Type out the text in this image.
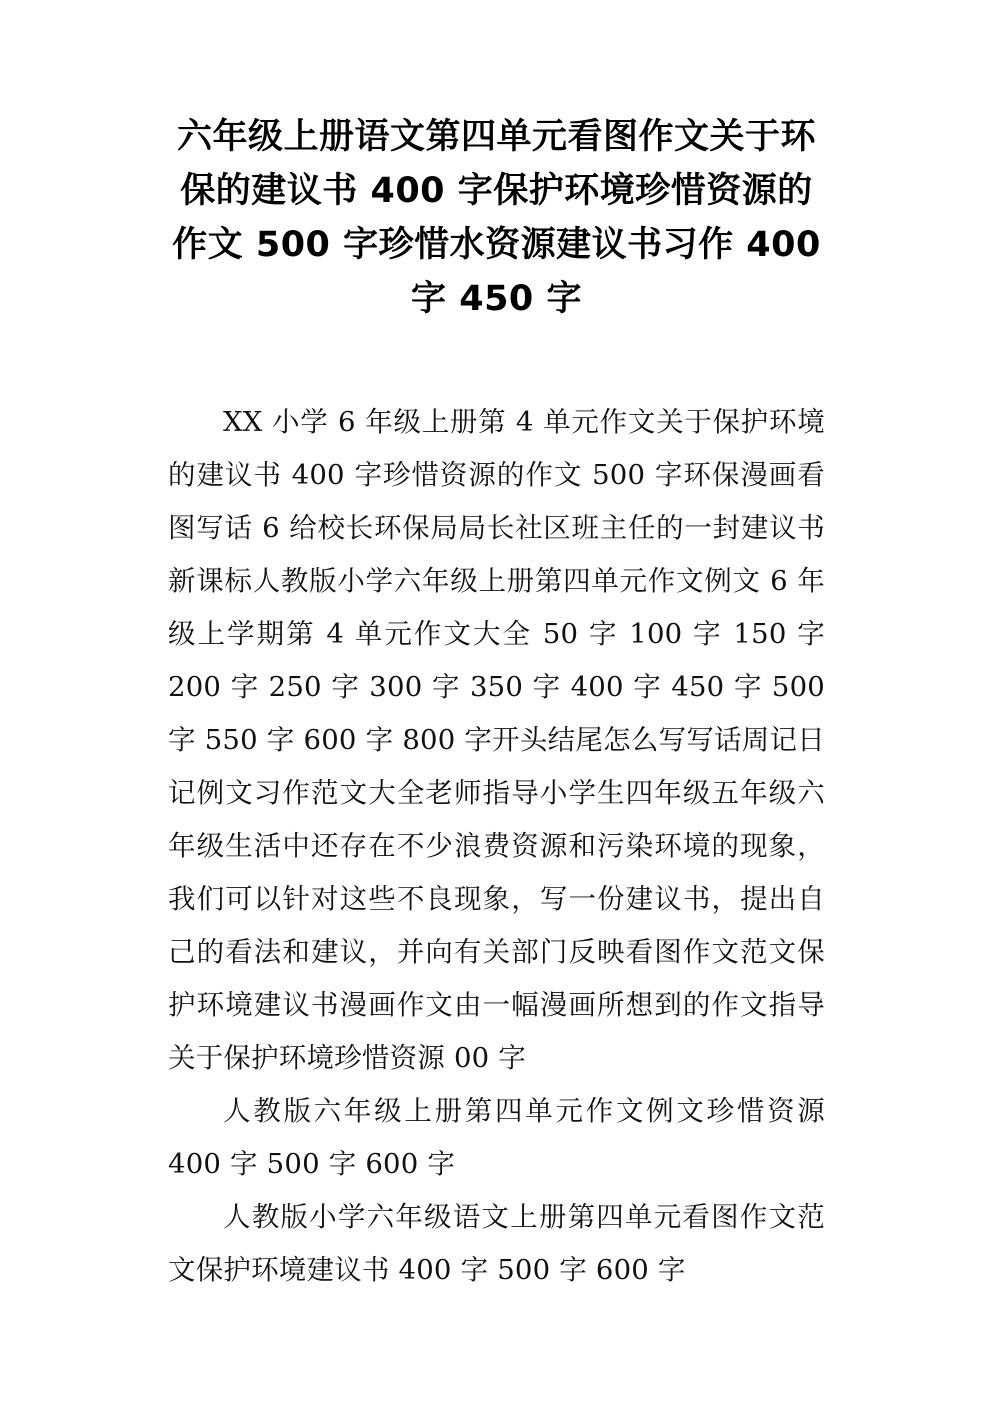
六年级上册语文第四单元看图作文关于环保的建议书 400 字保护环境珍惜资源的作文 500 字珍惜水资源建议书习作 400 字 450 字

XX 小学 6 年级上册第 4 单元作文关于保护环境的建议书 400 字珍惜资源的作文 500 字环保漫画看图写话 6 给校长环保局局长社区班主任的一封建议书新课标人教版小学六年级上册第四单元作文例文 6 年级上学期第 4 单元作文大全 50 字 100 字 150 字 200 字 250 字 300 字 350 字 400 字 450 字 500 字 550 字 600 字 800 字开头结尾怎么写写话周记日记例文习作范文大全老师指导小学生四年级五年级六年级生活中还存在不少浪费资源和污染环境的现象，我们可以针对这些不良现象，写一份建议书，提出自己的看法和建议，并向有关部门反映看图作文范文保护环境建议书漫画作文由一幅漫画所想到的作文指导关于保护环境珍惜资源 00 字

人教版六年级上册第四单元作文例文珍惜资源 400 字 500 字 600 字

人教版小学六年级语文上册第四单元看图作文范文保护环境建议书 400 字 500 字 600 字
